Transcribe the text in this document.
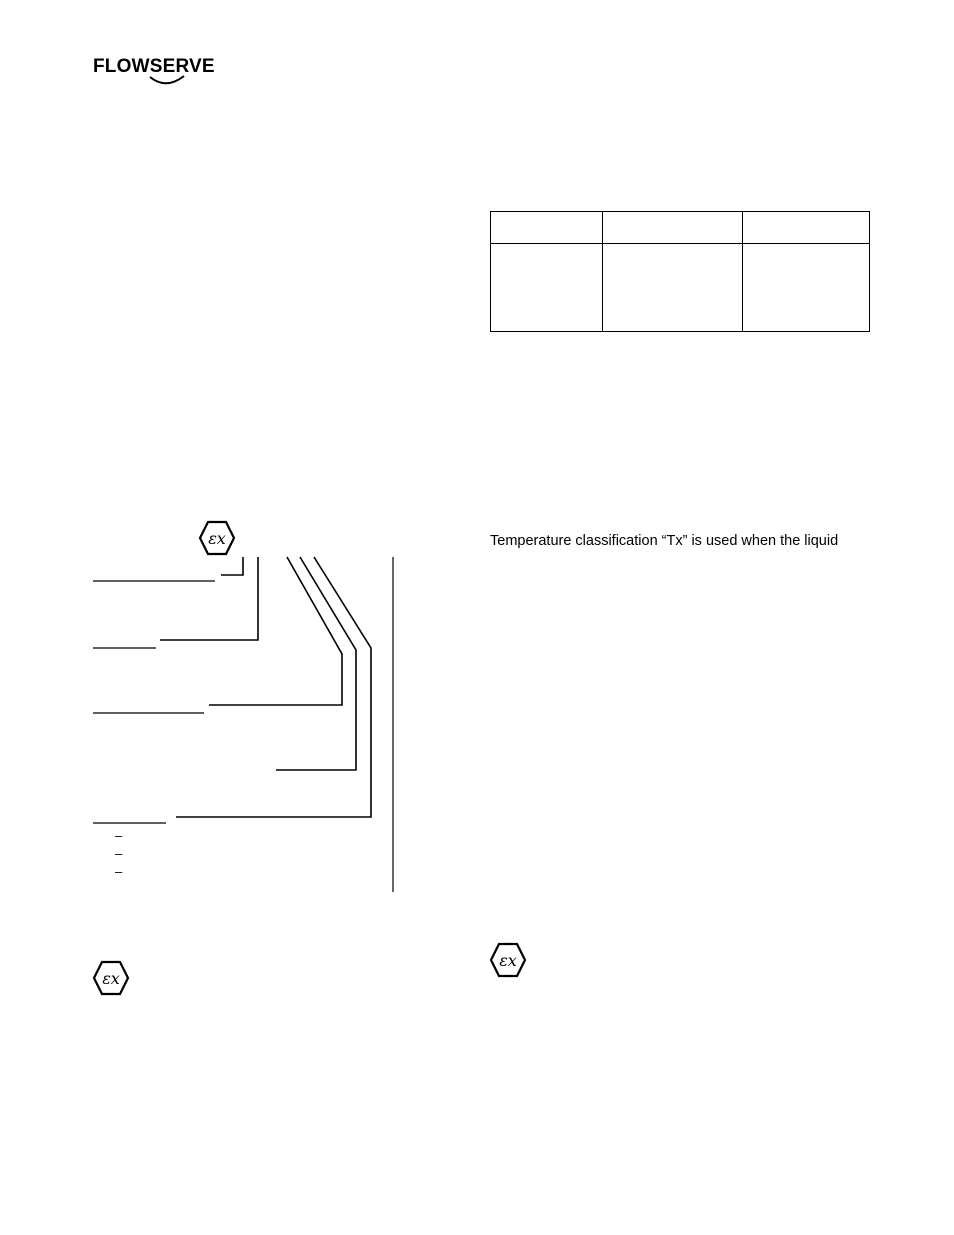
FLOWSERVE

Temperature classification “Tx” is used when the liquid
–
–
–
εx
εx
εx
